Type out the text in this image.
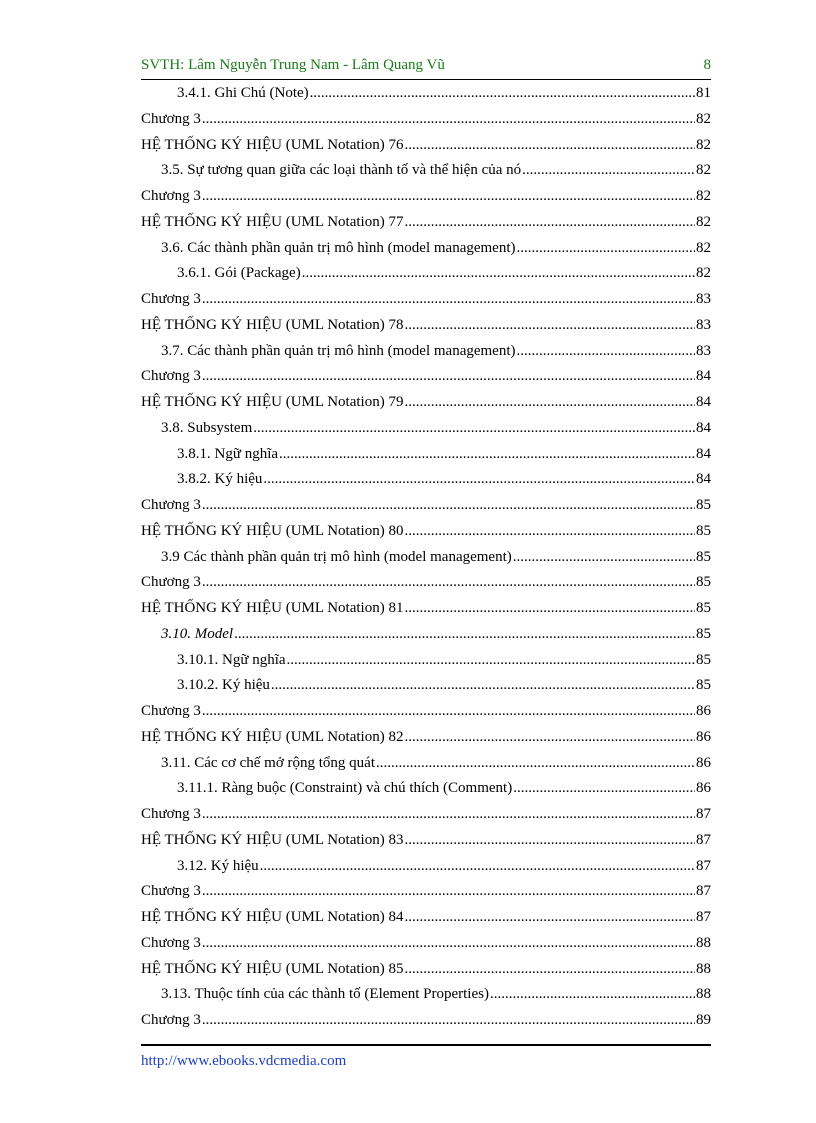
SVTH: Lâm Nguyễn Trung Nam - Lâm Quang Vũ	8
3.4.1. Ghi Chú (Note) .....	81
Chương 3 .....	82
HỆ THỐNG KÝ HIỆU (UML Notation) 76 .....	82
3.5. Sự tương quan giữa các loại thành tố và thể hiện của nó .....	82
Chương 3 .....	82
HỆ THỐNG KÝ HIỆU (UML Notation) 77 .....	82
3.6. Các thành phần quản trị mô hình (model management) .....	82
3.6.1. Gói (Package) .....	82
Chương 3 .....	83
HỆ THỐNG KÝ HIỆU (UML Notation) 78 .....	83
3.7. Các thành phần quản trị mô hình (model management) .....	83
Chương 3 .....	84
HỆ THỐNG KÝ HIỆU (UML Notation) 79 .....	84
3.8. Subsystem .....	84
3.8.1. Ngữ nghĩa .....	84
3.8.2. Ký hiệu .....	84
Chương 3 .....	85
HỆ THỐNG KÝ HIỆU (UML Notation) 80 .....	85
3.9 Các thành phần quản trị mô hình (model management) .....	85
Chương 3 .....	85
HỆ THỐNG KÝ HIỆU (UML Notation) 81 .....	85
3.10. Model .....	85
3.10.1. Ngữ nghĩa .....	85
3.10.2. Ký hiệu .....	85
Chương 3 .....	86
HỆ THỐNG KÝ HIỆU (UML Notation) 82 .....	86
3.11. Các cơ chế mở rộng tổng quát .....	86
3.11.1. Ràng buộc (Constraint) và chú thích (Comment) .....	86
Chương 3 .....	87
HỆ THỐNG KÝ HIỆU (UML Notation) 83 .....	87
3.12. Ký hiệu .....	87
Chương 3 .....	87
HỆ THỐNG KÝ HIỆU (UML Notation) 84 .....	87
Chương 3 .....	88
HỆ THỐNG KÝ HIỆU (UML Notation) 85 .....	88
3.13. Thuộc tính của các thành tố (Element Properties) .....	88
Chương 3 .....	89
http://www.ebooks.vdcmedia.com
